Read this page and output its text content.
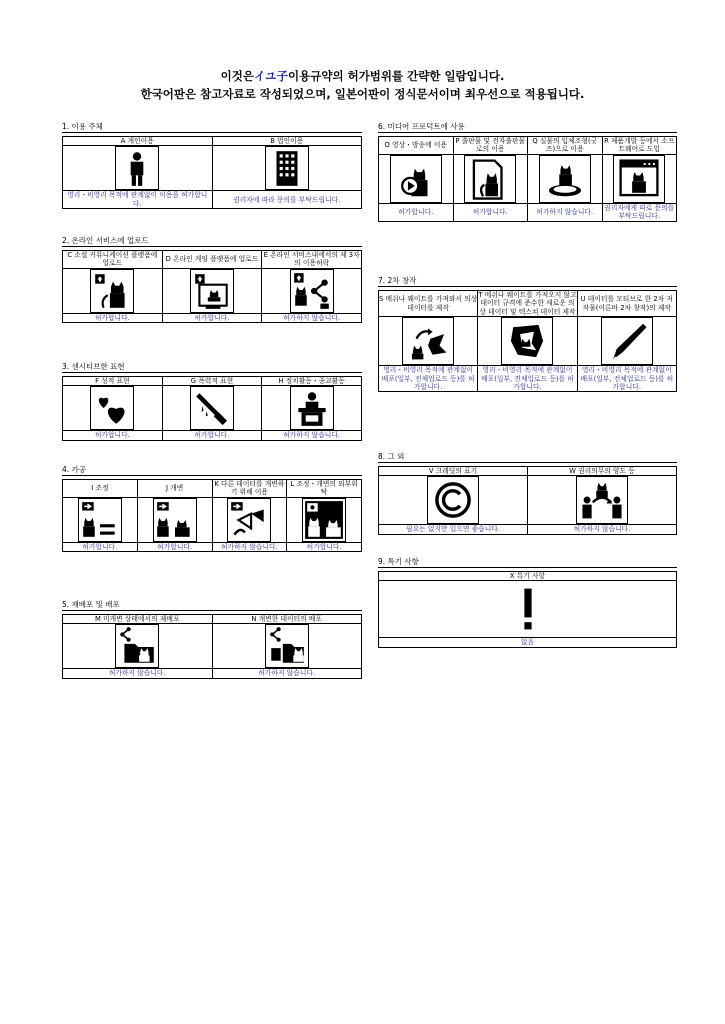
이것은イユ子이용규약의 허가범위를 간략한 일람입니다.
한국어판은 참고자료로 작성되었으며, 일본어판이 정식문서이며 최우선으로 적용됩니다.
1. 이용 주체
A 개인이용	B 법인이용

영리・비영리 목적에 관계없이 이용을 허가합니다.	권리자에 따라 문의를 부탁드립니다.
2. 온라인 서비스에 업로드
C 소셜 커뮤니케이션 플랫폼에 업로드	D 온라인 게임 플랫폼에 업로드	E 온라인 서비스내에서의 제 3자의 이용허락

허가합니다.	허가합니다.	허가하지 않습니다.
3. 센시티브한 표현
F 성적 표현	G 폭력적 표현	H 정치활동・종교활동

허가합니다.	허가합니다.	허가하지 않습니다.
4. 가공
I 조정	J 개변	K 다른 데이터를 개변하기 위해 이용	L 조정・개변의 외부위탁

허가합니다.	허가합니다.	허가하지 않습니다.	허가합니다.
5. 재배포 및 배포
M 미개변 상태에서의 재배포	N 개변한 데이터의 배포

허가하지 않습니다.	허가하지 않습니다.
6. 미디어 프로덕트에 사용
O 영상・방송에 이용	P 출판물 및 전자출판물로의 이용	Q 실물의 입체조형(굿즈)으로 이용	R 제품개발 등에서 소프트웨어로 도입

허가합니다.	허가합니다.	허가하지 않습니다.	권리자에게 따로 문의를 부탁드립니다.
7. 2차 창작
S 메쉬나 웨이트를 가져와서 의상 데이터를 제작	T 메쉬나 웨이트를 가져오지 않고 데이터 규격에 준수한 새로운 의상 데이터 및 텍스쳐 데이터 제작	U 데이터를 모티브로 한 2차 저작물(이른바 2차 창작)의 제작

영리・비영리 목적에 관계없이 배포(일부, 전체업로드 등)를 허가합니다.	영리・비영리 목적에 관계없이 배포(일부, 전체업로드 등)를 허가합니다.	영리・비영리 목적에 관계없이 배포(일부, 전체업로드 등)를 허가합니다.
8. 그 외
V 크레딧의 표기	W 권리의무의 양도 등

필요는 없지만 있으면 좋습니다.	허가하지 않습니다.
9. 특기 사항
X 특기 사항

없음
